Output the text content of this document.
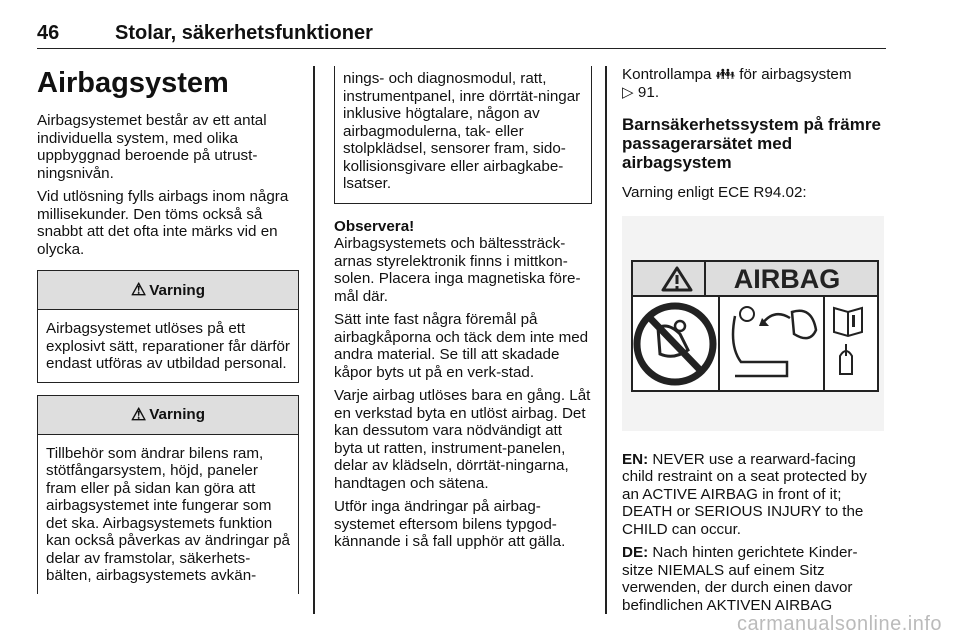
46	Stolar, säkerhetsfunktioner
Airbagsystem

Airbagsystemet består av ett antal individuella system, med olika uppbyggnad beroende på utrust-ningsnivån.

Vid utlösning fylls airbags inom några millisekunder. Den töms också så snabbt att det ofta inte märks vid en olycka.

⚠ Varning
Airbagsystemet utlöses på ett explosivt sätt, reparationer får därför endast utföras av utbildad personal.
⚠ Varning
Tillbehör som ändrar bilens ram, stötfångarsystem, höjd, paneler fram eller på sidan kan göra att airbagsystemet inte fungerar som det ska. Airbagsystemets funktion kan också påverkas av ändringar på delar av framstolar, säkerhets-bälten, airbagsystemets avkän-
nings- och diagnosmodul, ratt, instrumentpanel, inre dörrtät-ningar inklusive högtalare, någon av airbagmodulerna, tak- eller stolpklädsel, sensorer fram, sido-kollisionsgivare eller airbagkabe-lsatser.

Observera!

Airbagsystemets och bältessträck-arnas styrelektronik finns i mittkon-solen. Placera inga magnetiska före-mål där.

Sätt inte fast några föremål på airbagkåporna och täck dem inte med andra material. Se till att skadade kåpor byts ut på en verk-stad.

Varje airbag utlöses bara en gång. Låt en verkstad byta en utlöst airbag. Det kan dessutom vara nödvändigt att byta ut ratten, instrument-panelen, delar av klädseln, dörrtät-ningarna, handtagen och sätena.

Utför inga ändringar på airbag-systemet eftersom bilens typgod-kännande i så fall upphör att gälla.

Kontrollampa 👪︎ för airbagsystem
▷ 91.

Barnsäkerhetssystem på främre passagerarsätet med airbagsystem

Varning enligt ECE R94.02:

AIRBAG

EN: NEVER use a rearward-facing child restraint on a seat protected by an ACTIVE AIRBAG in front of it; DEATH or SERIOUS INJURY to the CHILD can occur.

DE: Nach hinten gerichtete Kinder-sitze NIEMALS auf einem Sitz verwenden, der durch einen davor befindlichen AKTIVEN AIRBAG

carmanualsonline.info
